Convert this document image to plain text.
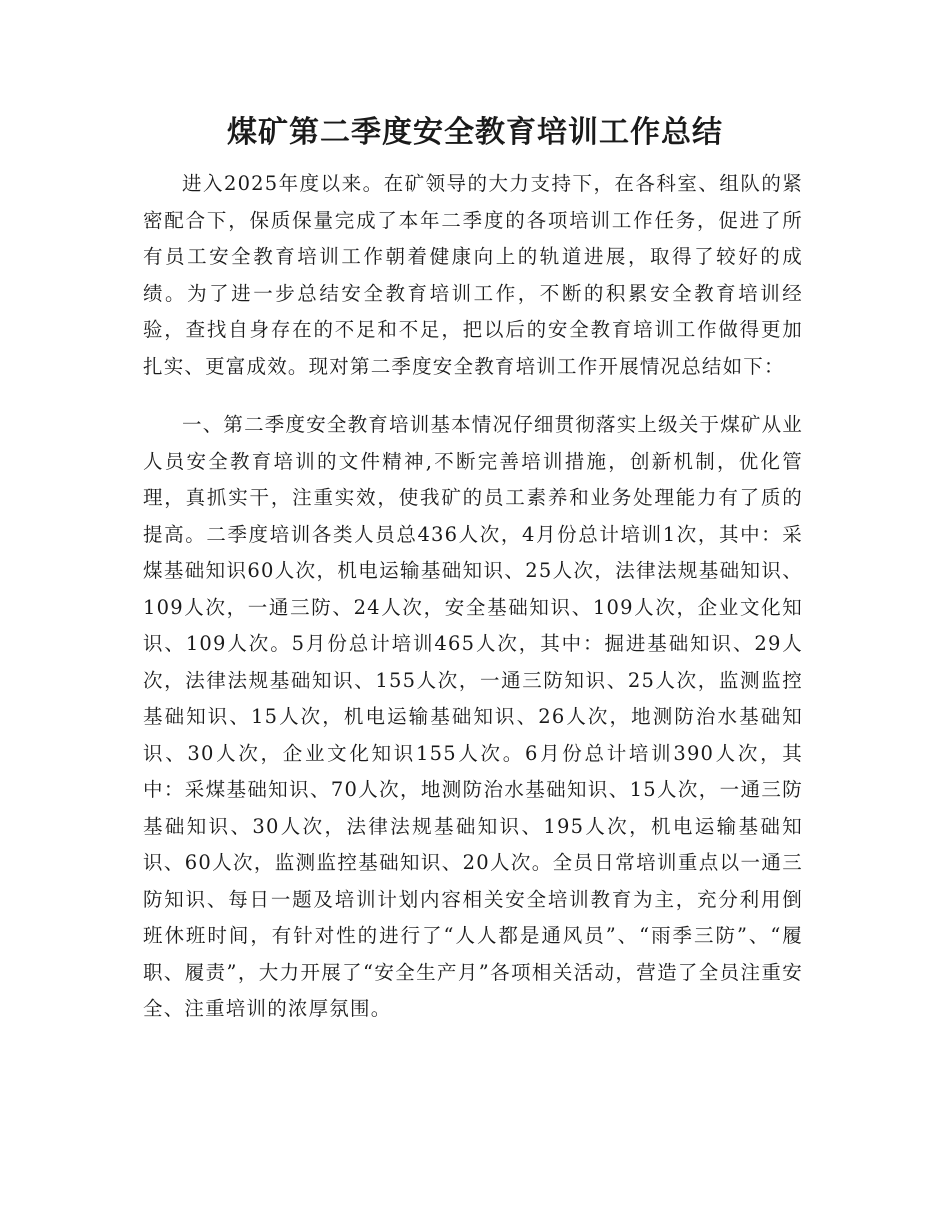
煤矿第二季度安全教育培训工作总结

进入2025年度以来。在矿领导的大力支持下，在各科室、组队的紧密配合下，保质保量完成了本年二季度的各项培训工作任务，促进了所有员工安全教育培训工作朝着健康向上的轨道进展，取得了较好的成绩。为了进一步总结安全教育培训工作，不断的积累安全教育培训经验，查找自身存在的不足和不足，把以后的安全教育培训工作做得更加扎实、更富成效。现对第二季度安全教育培训工作开展情况总结如下：

一、第二季度安全教育培训基本情况仔细贯彻落实上级关于煤矿从业人员安全教育培训的文件精神,不断完善培训措施，创新机制，优化管理，真抓实干，注重实效，使我矿的员工素养和业务处理能力有了质的提高。二季度培训各类人员总436人次，4月份总计培训1次，其中：采煤基础知识60人次，机电运输基础知识、25人次，法律法规基础知识、109人次，一通三防、24人次，安全基础知识、109人次，企业文化知识、109人次。5月份总计培训465人次，其中：掘进基础知识、29人次，法律法规基础知识、155人次，一通三防知识、25人次，监测监控基础知识、15人次，机电运输基础知识、26人次，地测防治水基础知识、30人次，企业文化知识155人次。6月份总计培训390人次，其中：采煤基础知识、70人次，地测防治水基础知识、15人次，一通三防基础知识、30人次，法律法规基础知识、195人次，机电运输基础知识、60人次，监测监控基础知识、20人次。全员日常培训重点以一通三防知识、每日一题及培训计划内容相关安全培训教育为主，充分利用倒班休班时间，有针对性的进行了“人人都是通风员”、“雨季三防”、“履职、履责”，大力开展了“安全生产月”各项相关活动，营造了全员注重安全、注重培训的浓厚氛围。
